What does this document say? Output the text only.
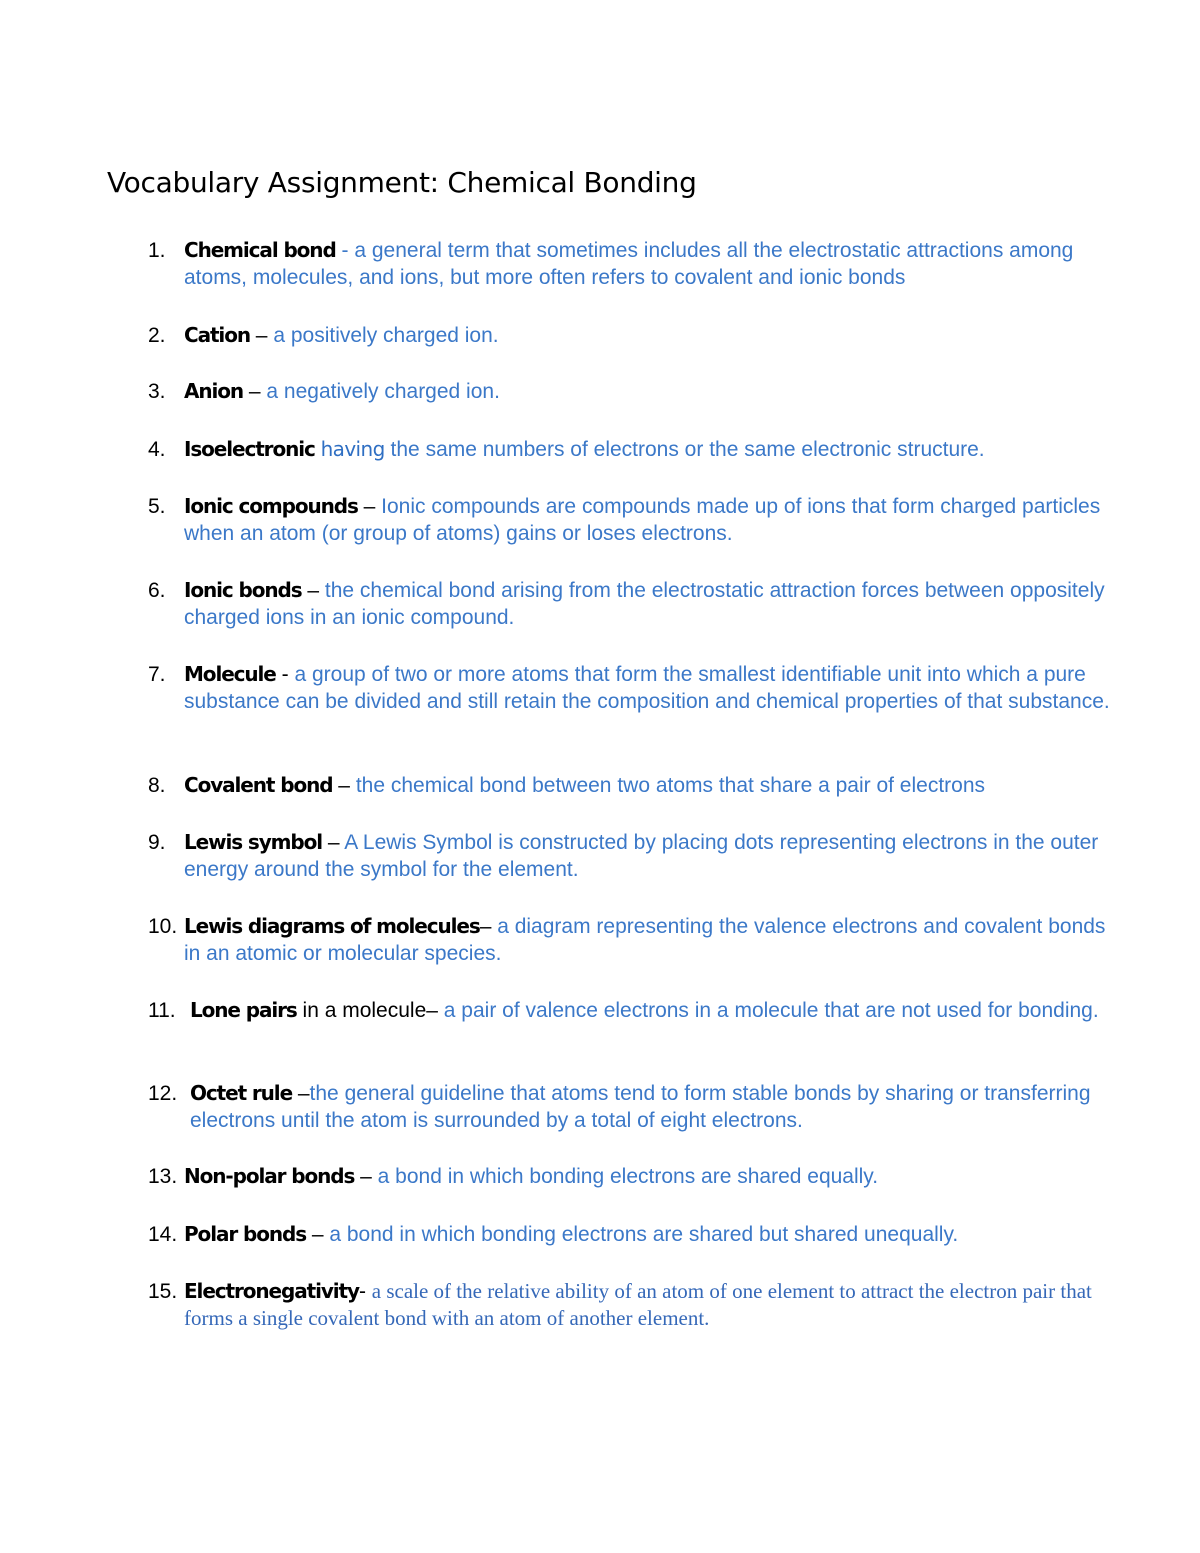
Vocabulary Assignment: Chemical Bonding
1. Chemical bond - a general term that sometimes includes all the electrostatic attractions among atoms, molecules, and ions, but more often refers to covalent and ionic bonds
2. Cation – a positively charged ion.
3. Anion – a negatively charged ion.
4. Isoelectronic having the same numbers of electrons or the same electronic structure.
5. Ionic compounds – Ionic compounds are compounds made up of ions that form charged particles when an atom (or group of atoms) gains or loses electrons.
6. Ionic bonds – the chemical bond arising from the electrostatic attraction forces between oppositely charged ions in an ionic compound.
7. Molecule - a group of two or more atoms that form the smallest identifiable unit into which a pure substance can be divided and still retain the composition and chemical properties of that substance.
8. Covalent bond – the chemical bond between two atoms that share a pair of electrons
9. Lewis symbol – A Lewis Symbol is constructed by placing dots representing electrons in the outer energy around the symbol for the element.
10. Lewis diagrams of molecules– a diagram representing the valence electrons and covalent bonds in an atomic or molecular species.
11. Lone pairs in a molecule– a pair of valence electrons in a molecule that are not used for bonding.
12. Octet rule –the general guideline that atoms tend to form stable bonds by sharing or transferring electrons until the atom is surrounded by a total of eight electrons.
13. Non-polar bonds – a bond in which bonding electrons are shared equally.
14. Polar bonds – a bond in which bonding electrons are shared but shared unequally.
15. Electronegativity- a scale of the relative ability of an atom of one element to attract the electron pair that forms a single covalent bond with an atom of another element.
